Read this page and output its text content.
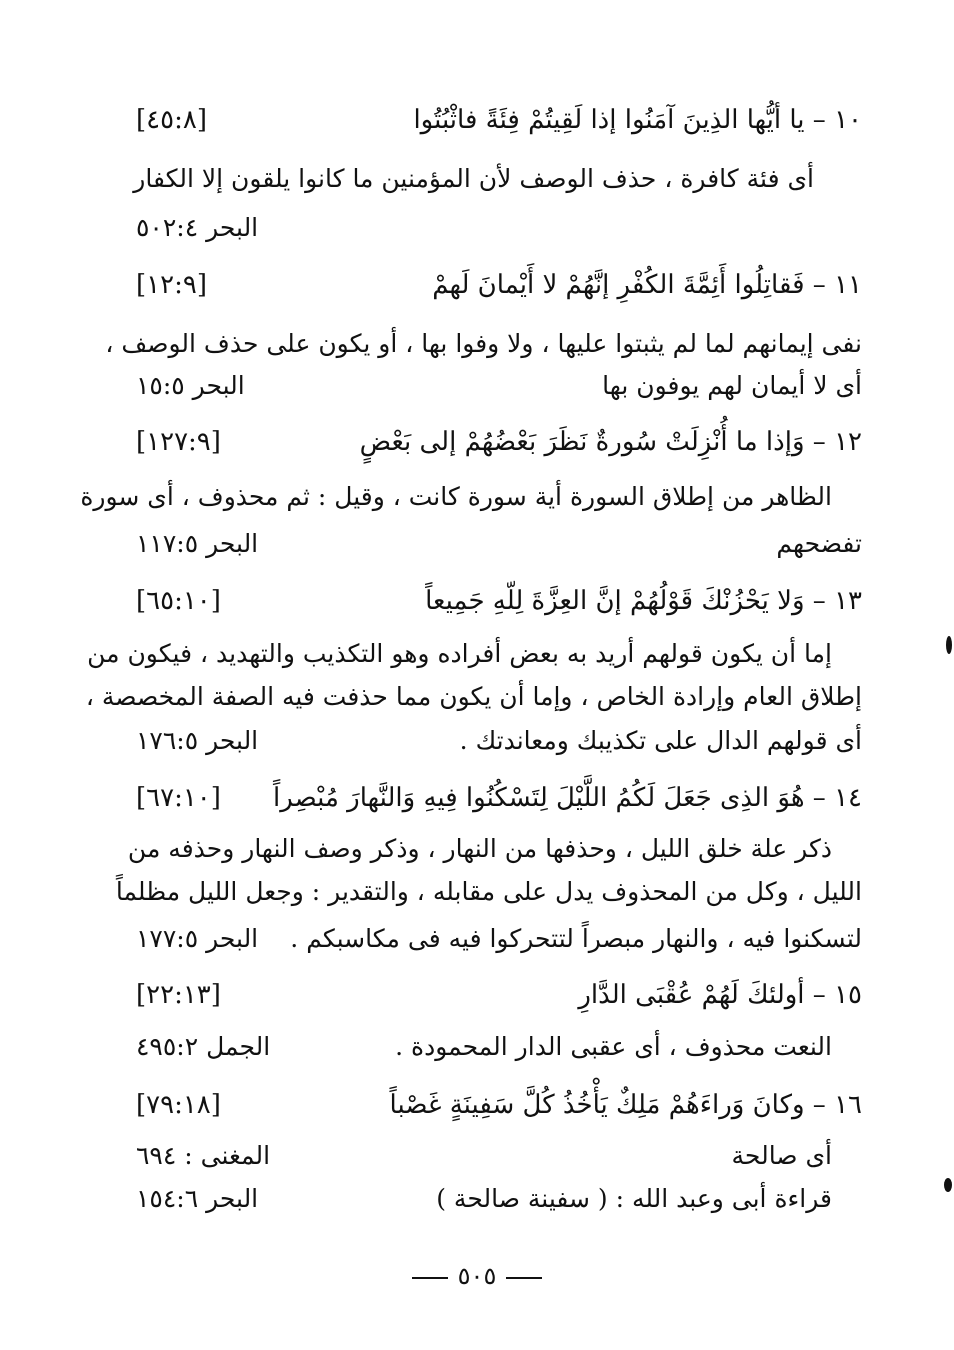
١٠ – يا أيُّها الذِينَ آمَنُوا إذا لَقِيتُمْ فِئَةً فاثْبُتُوا
[٤٥:٨]
أى فئة كافرة ، حذف الوصف لأن المؤمنين ما كانوا يلقون إلا الكفار
البحر ٥٠٢:٤
١١ – فَقاتِلُوا أَئِمَّةَ الكُفْرِ إنَّهُمْ لا أَيْمانَ لَهمْ
[١٢:٩]
نفى إيمانهم لما لم يثبتوا عليها ، ولا وفوا بها ، أو يكون على حذف الوصف ،
أى لا أيمان لهم يوفون بها
البحر ١٥:٥
١٢ – وَإذا ما أُنْزِلَتْ سُورةٌ نَظَرَ بَعْضُهُمْ إلى بَعْضٍ
[١٢٧:٩]
الظاهر من إطلاق السورة أية سورة كانت ، وقيل : ثم محذوف ، أى سورة
تفضحهم
البحر ١١٧:٥
١٣ – وَلا يَحْزُنْكَ قَوْلُهُمْ إنَّ العِزَّةَ لِلّهِ جَمِيعاً
[٦٥:١٠]
إما أن يكون قولهم أريد به بعض أفراده وهو التكذيب والتهديد ، فيكون من
إطلاق العام وإرادة الخاص ، وإما أن يكون مما حذفت فيه الصفة المخصصة ،
أى قولهم الدال على تكذيبك ومعاندتك .
البحر ١٧٦:٥
١٤ – هُوَ الذِى جَعَلَ لَكُمُ اللَّيْلَ لِتَسْكُنُوا فِيهِ وَالنَّهارَ مُبْصِراً
[٦٧:١٠]
ذكر علة خلق الليل ، وحذفها من النهار ، وذكر وصف النهار وحذفه من
الليل ، وكل من المحذوف يدل على مقابله ، والتقدير : وجعل الليل مظلماً
لتسكنوا فيه ، والنهار مبصراً لتتحركوا فيه فى مكاسبكم .
البحر ١٧٧:٥
١٥ – أولئكَ لَهُمْ عُقْبَى الدَّارِ
[٢٢:١٣]
النعت محذوف ، أى عقبى الدار المحمودة .
الجمل ٤٩٥:٢
١٦ – وكانَ وَراءَهُمْ مَلِكٌ يَأْخُذُ كُلَّ سَفِينَةٍ غَصْباً
[٧٩:١٨]
أى صالحة
المغنى : ٦٩٤
قراءة أبى وعبد الله : ( سفينة صالحة )
البحر ١٥٤:٦
٥٠٥
